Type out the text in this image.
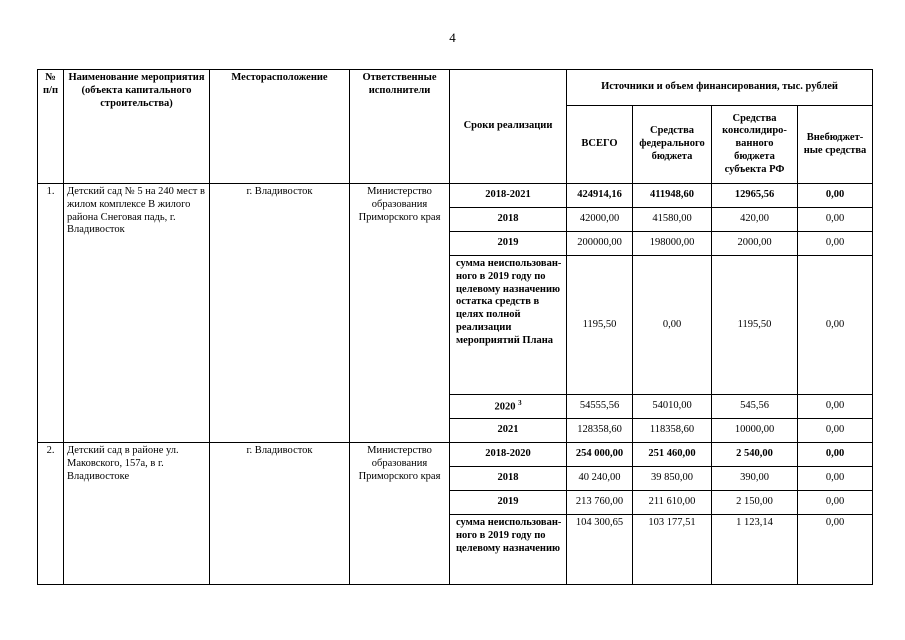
4
№ п/п	Наименование мероприятия (объекта капитального строительства)	Месторасположение	Ответственные исполнители	Сроки реализации	Источники и объем финансирования, тыс. рублей			
					ВСЕГО	Средства федерального бюджета	Средства консолидиро- ванного бюджета субъекта РФ	Внебюджет- ные средства
1.	Детский сад № 5 на 240 мест в жилом комплексе В жилого района Снеговая падь, г. Владивосток	г. Владивосток	Министерство образования Приморского края	2018-2021	424914,16	411948,60	12965,56	0,00
				2018	42000,00	41580,00	420,00	0,00
				2019	200000,00	198000,00	2000,00	0,00
				сумма неиспользован- ного в 2019 году по целевому назначению остатка средств в целях полной реализации мероприятий Плана	1195,50	0,00	1195,50	0,00
				2020 $^3$	54555,56	54010,00	545,56	0,00
				2021	128358,60	118358,60	10000,00	0,00
2.	Детский сад в районе ул. Маковского, 157а, в г. Владивостоке	г. Владивосток	Министерство образования Приморского края	2018-2020	254 000,00	251 460,00	2 540,00	0,00
				2018	40 240,00	39 850,00	390,00	0,00
				2019	213 760,00	211 610,00	2 150,00	0,00
				сумма неиспользован- ного в 2019 году по целевому назначению	104 300,65	103 177,51	1 123,14	0,00
